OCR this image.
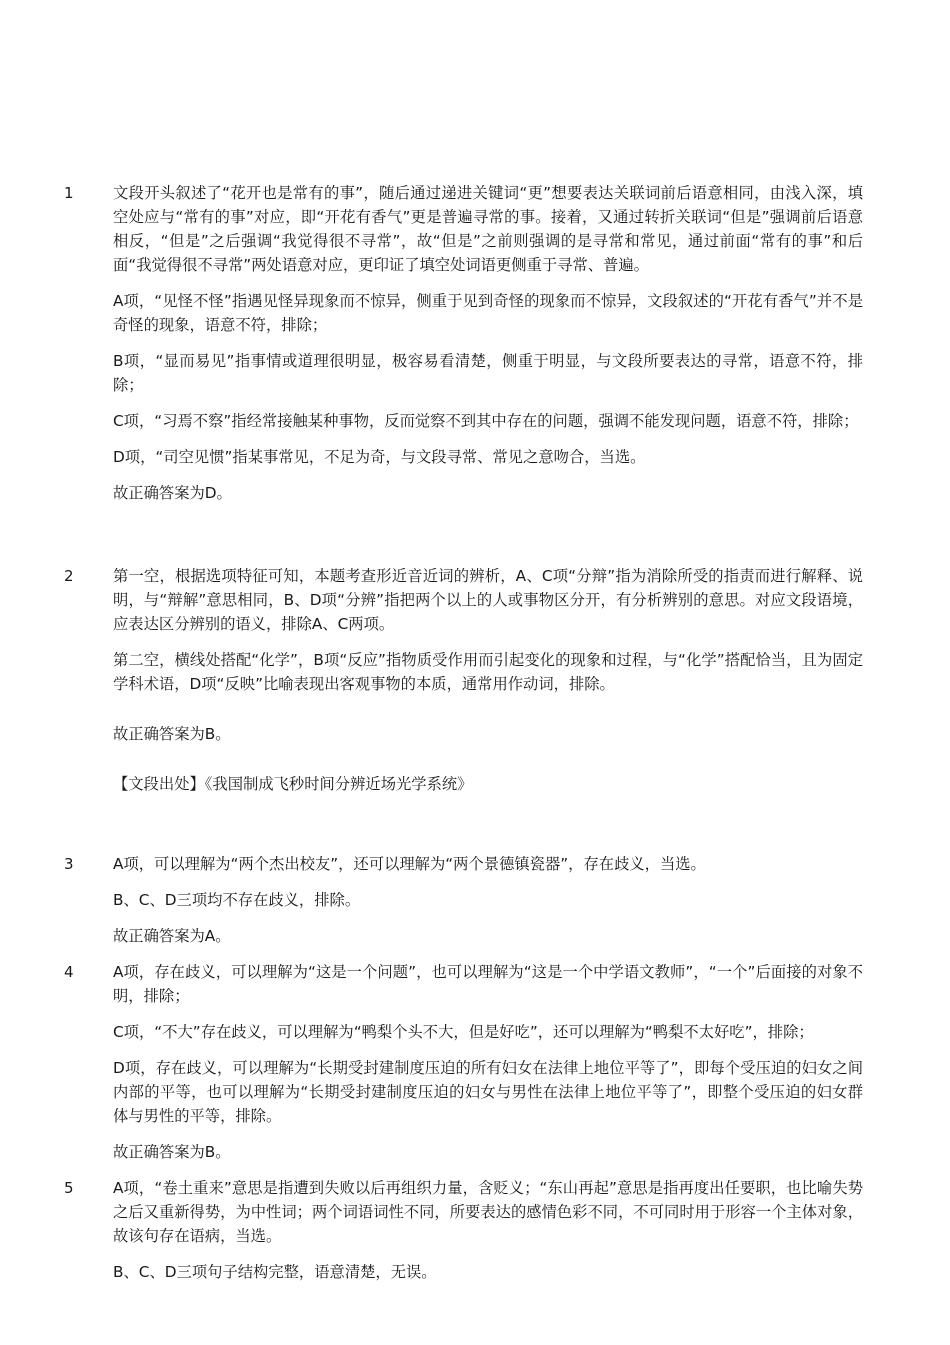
1	文段开头叙述了“花开也是常有的事”，随后通过递进关键词“更”想要表达关联词前后语意相同，由浅入深，填空处应与“常有的事”对应，即“开花有香气”更是普遍寻常的事。接着，又通过转折关联词“但是”强调前后语意相反，“但是”之后强调“我觉得很不寻常”，故“但是”之前则强调的是寻常和常见，通过前面“常有的事”和后面“我觉得很不寻常”两处语意对应，更印证了填空处词语更侧重于寻常、普遍。

A项，“见怪不怪”指遇见怪异现象而不惊异，侧重于见到奇怪的现象而不惊异，文段叙述的“开花有香气”并不是奇怪的现象，语意不符，排除；

B项，“显而易见”指事情或道理很明显，极容易看清楚，侧重于明显，与文段所要表达的寻常，语意不符，排除；

C项，“习焉不察”指经常接触某种事物，反而觉察不到其中存在的问题，强调不能发现问题，语意不符，排除；

D项，“司空见惯”指某事常见，不足为奇，与文段寻常、常见之意吻合，当选。

故正确答案为D。

2	第一空，根据选项特征可知，本题考查形近音近词的辨析，A、C项“分辩”指为消除所受的指责而进行解释、说明，与“辩解”意思相同，B、D项“分辨”指把两个以上的人或事物区分开，有分析辨别的意思。对应文段语境，应表达区分辨别的语义，排除A、C两项。

第二空，横线处搭配“化学”，B项“反应”指物质受作用而引起变化的现象和过程，与“化学”搭配恰当，且为固定学科术语，D项“反映”比喻表现出客观事物的本质，通常用作动词，排除。

故正确答案为B。

【文段出处】《我国制成飞秒时间分辨近场光学系统》

3	A项，可以理解为“两个杰出校友”，还可以理解为“两个景德镇瓷器”，存在歧义，当选。

B、C、D三项均不存在歧义，排除。

故正确答案为A。

4	A项，存在歧义，可以理解为“这是一个问题”，也可以理解为“这是一个中学语文教师”，“一个”后面接的对象不明，排除；

C项，“不大”存在歧义，可以理解为“鸭梨个头不大，但是好吃”，还可以理解为“鸭梨不太好吃”，排除；

D项，存在歧义，可以理解为“长期受封建制度压迫的所有妇女在法律上地位平等了”，即每个受压迫的妇女之间内部的平等，也可以理解为“长期受封建制度压迫的妇女与男性在法律上地位平等了”，即整个受压迫的妇女群体与男性的平等，排除。

故正确答案为B。

5	A项，“卷土重来”意思是指遭到失败以后再组织力量，含贬义；“东山再起”意思是指再度出任要职，也比喻失势之后又重新得势，为中性词；两个词语词性不同，所要表达的感情色彩不同，不可同时用于形容一个主体对象，故该句存在语病，当选。

B、C、D三项句子结构完整，语意清楚，无误。
